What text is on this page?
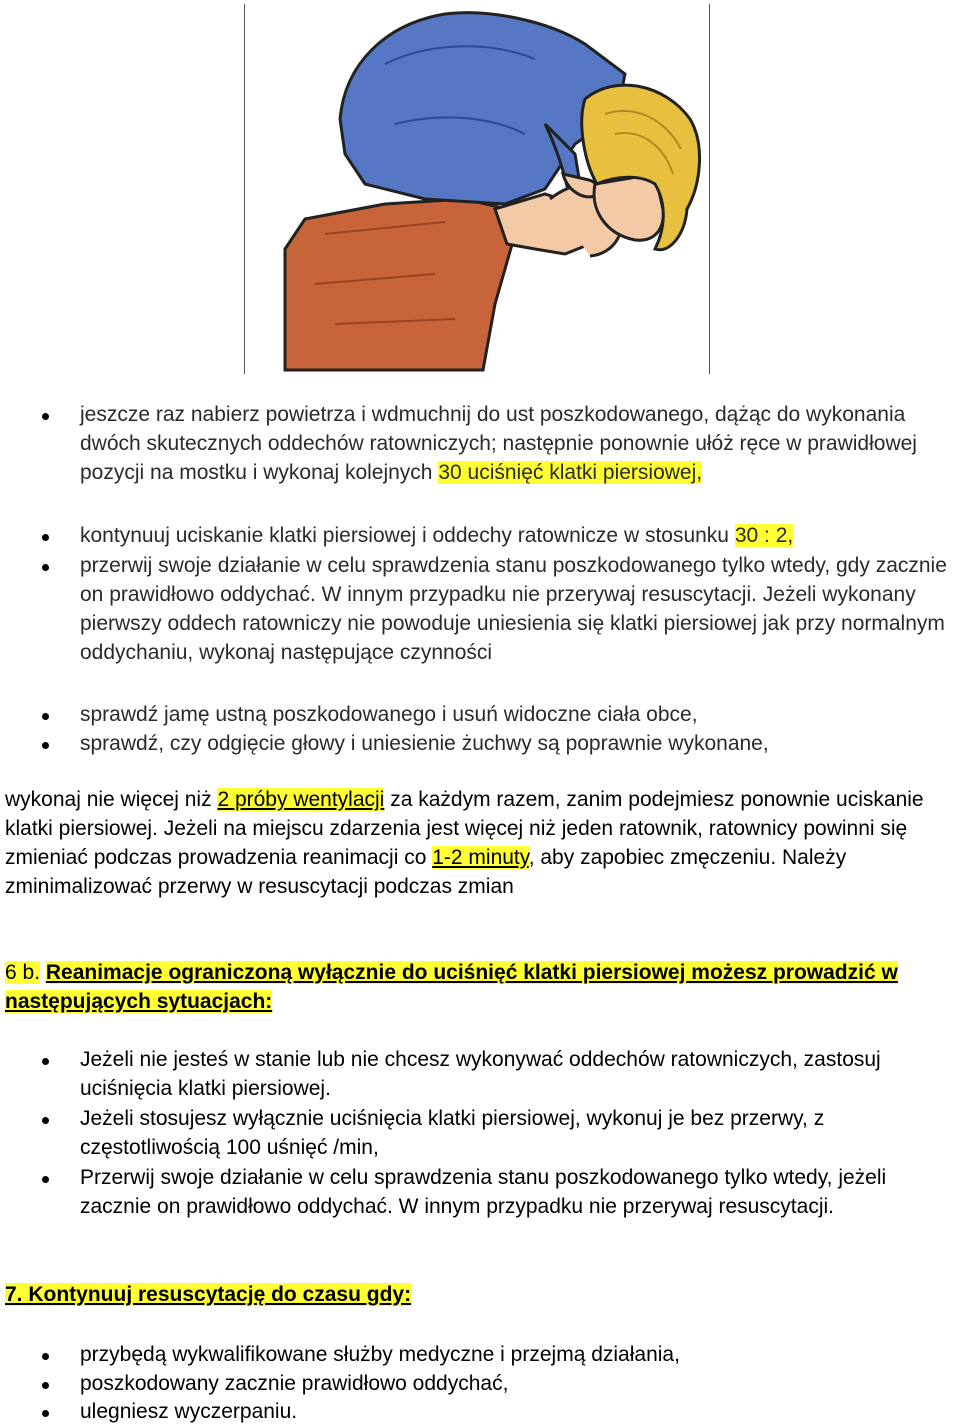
jeszcze raz nabierz powietrza i wdmuchnij do ust poszkodowanego, dążąc do wykonania dwóch skutecznych oddechów ratowniczych; następnie ponownie ułóż ręce w prawidłowej pozycji na mostku i wykonaj kolejnych 30 uciśnięć klatki piersiowej,
kontynuuj uciskanie klatki piersiowej i oddechy ratownicze w stosunku 30 : 2,
przerwij swoje działanie w celu sprawdzenia stanu poszkodowanego tylko wtedy, gdy zacznie on prawidłowo oddychać. W innym przypadku nie przerywaj resuscytacji. Jeżeli wykonany pierwszy oddech ratowniczy nie powoduje uniesienia się klatki piersiowej jak przy normalnym oddychaniu, wykonaj następujące czynności
sprawdź jamę ustną poszkodowanego i usuń widoczne ciała obce,
sprawdź, czy odgięcie głowy i uniesienie żuchwy są poprawnie wykonane,
wykonaj nie więcej niż 2 próby wentylacji za każdym razem, zanim podejmiesz ponownie uciskanie klatki piersiowej. Jeżeli na miejscu zdarzenia jest więcej niż jeden ratownik, ratownicy powinni się zmieniać podczas prowadzenia reanimacji co 1-2 minuty, aby zapobiec zmęczeniu. Należy zminimalizować przerwy w resuscytacji podczas zmian
6 b. Reanimacje ograniczoną wyłącznie do uciśnięć klatki piersiowej możesz prowadzić w następujących sytuacjach:
Jeżeli nie jesteś w stanie lub nie chcesz wykonywać oddechów ratowniczych, zastosuj uciśnięcia klatki piersiowej.
Jeżeli stosujesz wyłącznie uciśnięcia klatki piersiowej, wykonuj je bez przerwy, z częstotliwością 100 uśnięć /min,
Przerwij swoje działanie w celu sprawdzenia stanu poszkodowanego tylko wtedy, jeżeli zacznie on prawidłowo oddychać. W innym przypadku nie przerywaj resuscytacji.
7. Kontynuuj resuscytację do czasu gdy:
przybędą wykwalifikowane służby medyczne i przejmą działania,
poszkodowany zacznie prawidłowo oddychać,
ulegniesz wyczerpaniu.
